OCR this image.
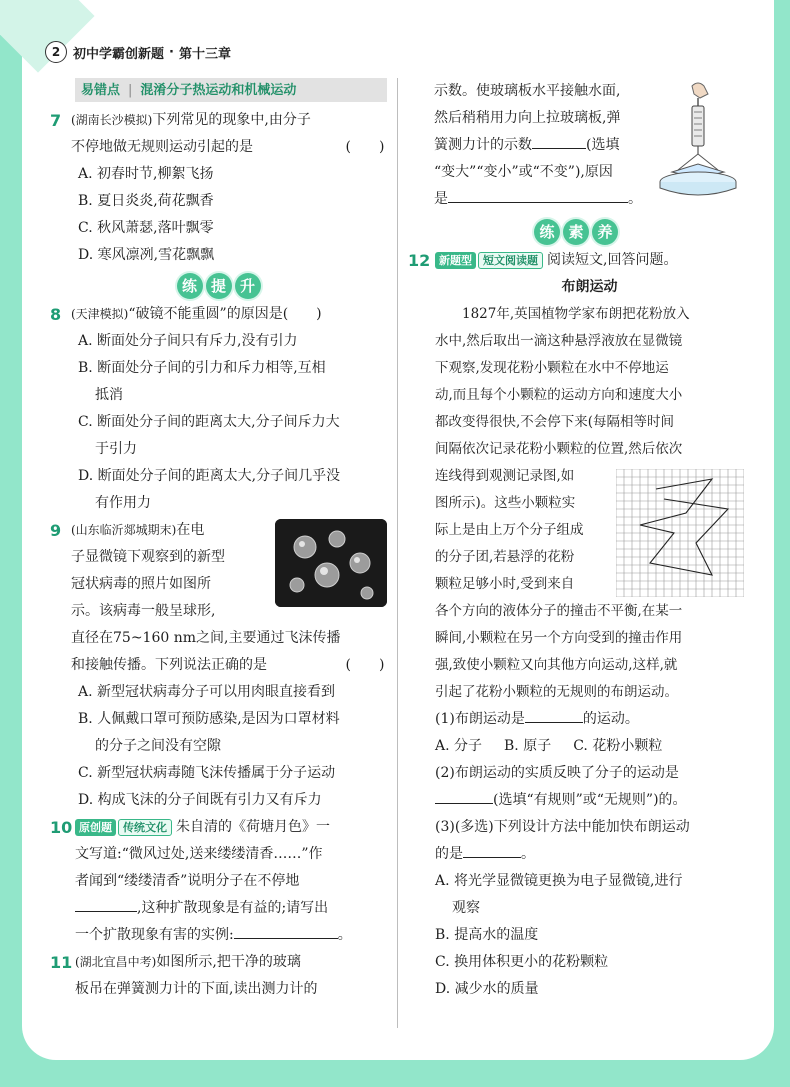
2 初中学霸创新题 · 第十三章
易错点 | 混淆分子热运动和机械运动
7 (湖南长沙模拟)下列常见的现象中,由分子
不停地做无规则运动引起的是	(　　)
A. 初春时节,柳絮飞扬
B. 夏日炎炎,荷花飘香
C. 秋风萧瑟,落叶飘零
D. 寒风凛冽,雪花飘飘
练 提 升
8 (天津模拟)“破镜不能重圆”的原因是(　　)
A. 断面处分子间只有斥力,没有引力
B. 断面处分子间的引力和斥力相等,互相
抵消
C. 断面处分子间的距离太大,分子间斥力大
于引力
D. 断面处分子间的距离太大,分子间几乎没
有作用力
9 (山东临沂郯城期末)在电
子显微镜下观察到的新型
冠状病毒的照片如图所
示。该病毒一般呈球形,
直径在75~160 nm之间,主要通过飞沫传播
和接触传播。下列说法正确的是	(　　)
A. 新型冠状病毒分子可以用肉眼直接看到
B. 人佩戴口罩可预防感染,是因为口罩材料
的分子之间没有空隙
C. 新型冠状病毒随飞沫传播属于分子运动
D. 构成飞沫的分子间既有引力又有斥力
10 原创题 传统文化 朱自清的《荷塘月色》一
文写道:“微风过处,送来缕缕清香……”作
者闻到“缕缕清香”说明分子在不停地
,这种扩散现象是有益的;请写出
一个扩散现象有害的实例:	。
11 (湖北宜昌中考)如图所示,把干净的玻璃
板吊在弹簧测力计的下面,读出测力计的
示数。使玻璃板水平接触水面,
然后稍稍用力向上拉玻璃板,弹
簧测力计的示数	(选填
“变大”“变小”或“不变”),原因
是	。
练 素 养
12 新题型 短文阅读题 阅读短文,回答问题。
布朗运动
　　1827年,英国植物学家布朗把花粉放入
水中,然后取出一滴这种悬浮液放在显微镜
下观察,发现花粉小颗粒在水中不停地运
动,而且每个小颗粒的运动方向和速度大小
都改变得很快,不会停下来(每隔相等时间
间隔依次记录花粉小颗粒的位置,然后依次
连线得到观测记录图,如
图所示)。这些小颗粒实
际上是由上万个分子组成
的分子团,若悬浮的花粉
颗粒足够小时,受到来自
各个方向的液体分子的撞击不平衡,在某一
瞬间,小颗粒在另一个方向受到的撞击作用
强,致使小颗粒又向其他方向运动,这样,就
引起了花粉小颗粒的无规则的布朗运动。
(1)布朗运动是	的运动。
A. 分子 B. 原子 C. 花粉小颗粒
(2)布朗运动的实质反映了分子的运动是
(选填“有规则”或“无规则”)的。
(3)(多选)下列设计方法中能加快布朗运动
的是	。
A. 将光学显微镜更换为电子显微镜,进行
观察
B. 提高水的温度
C. 换用体积更小的花粉颗粒
D. 减少水的质量
